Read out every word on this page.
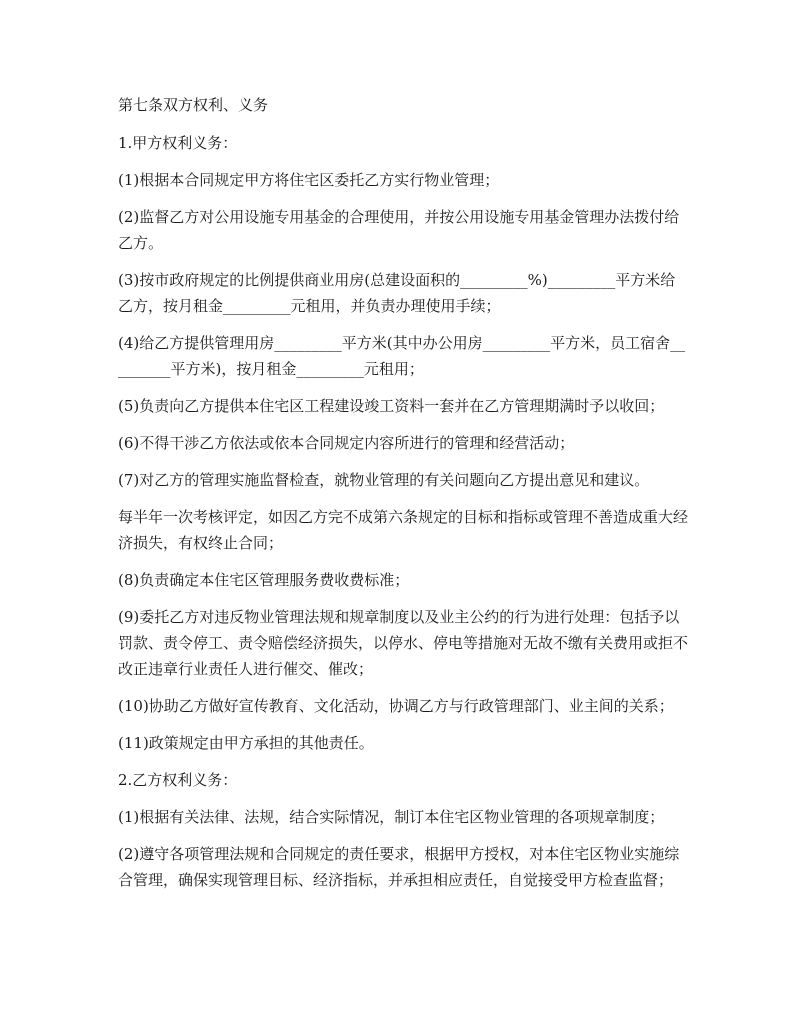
第七条双方权利、义务

1.甲方权利义务：

(1)根据本合同规定甲方将住宅区委托乙方实行物业管理；

(2)监督乙方对公用设施专用基金的合理使用，并按公用设施专用基金管理办法拨付给乙方。

(3)按市政府规定的比例提供商业用房(总建设面积的_________%)_________平方米给乙方，按月租金_________元租用，并负责办理使用手续；

(4)给乙方提供管理用房_________平方米(其中办公用房_________平方米，员工宿舍_________平方米)，按月租金_________元租用；

(5)负责向乙方提供本住宅区工程建设竣工资料一套并在乙方管理期满时予以收回；

(6)不得干涉乙方依法或依本合同规定内容所进行的管理和经营活动；

(7)对乙方的管理实施监督检查，就物业管理的有关问题向乙方提出意见和建议。

每半年一次考核评定，如因乙方完不成第六条规定的目标和指标或管理不善造成重大经济损失，有权终止合同；

(8)负责确定本住宅区管理服务费收费标准；

(9)委托乙方对违反物业管理法规和规章制度以及业主公约的行为进行处理：包括予以罚款、责令停工、责令赔偿经济损失，以停水、停电等措施对无故不缴有关费用或拒不改正违章行业责任人进行催交、催改；

(10)协助乙方做好宣传教育、文化活动，协调乙方与行政管理部门、业主间的关系；

(11)政策规定由甲方承担的其他责任。

2.乙方权利义务：

(1)根据有关法律、法规，结合实际情况，制订本住宅区物业管理的各项规章制度；

(2)遵守各项管理法规和合同规定的责任要求，根据甲方授权，对本住宅区物业实施综合管理，确保实现管理目标、经济指标，并承担相应责任，自觉接受甲方检查监督；
